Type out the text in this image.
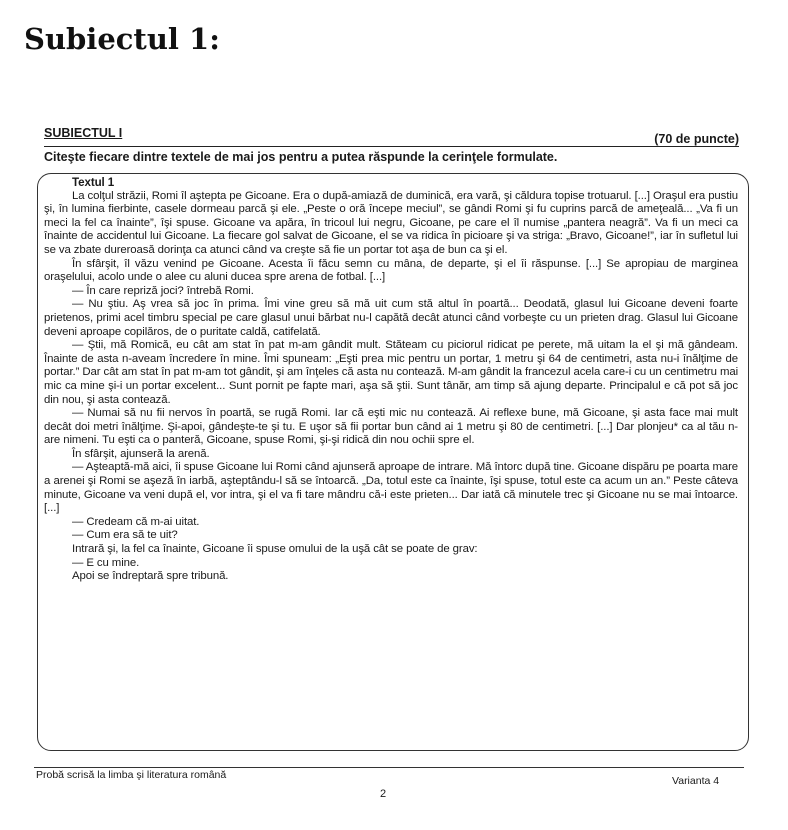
Subiectul 1:
SUBIECTUL I	(70 de puncte)
Citeşte fiecare dintre textele de mai jos pentru a putea răspunde la cerinţele formulate.
Textul 1

La colţul străzii, Romi îl aştepta pe Gicoane. Era o după-amiază de duminică, era vară, şi căldura topise trotuarul. [...] Oraşul era pustiu şi, în lumina fierbinte, casele dormeau parcă şi ele. „Peste o oră începe meciul”, se gândi Romi şi fu cuprins parcă de ameţeală... „Va fi un meci la fel ca înainte”, îşi spuse. Gicoane va apăra, în tricoul lui negru, Gicoane, pe care el îl numise „pantera neagră”. Va fi un meci ca înainte de accidentul lui Gicoane. La fiecare gol salvat de Gicoane, el se va ridica în picioare şi va striga: „Bravo, Gicoane!”, iar în sufletul lui se va zbate dureroasă dorinţa ca atunci când va creşte să fie un portar tot aşa de bun ca şi el.

În sfârşit, îl văzu venind pe Gicoane. Acesta îi făcu semn cu mâna, de departe, şi el îi răspunse. [...] Se apropiau de marginea oraşelului, acolo unde o alee cu aluni ducea spre arena de fotbal. [...]

— În care repriză joci? întrebă Romi.

— Nu ştiu. Aş vrea să joc în prima. Îmi vine greu să mă uit cum stă altul în poartă... Deodată, glasul lui Gicoane deveni foarte prietenos, primi acel timbru special pe care glasul unui bărbat nu-l capătă decât atunci când vorbeşte cu un prieten drag. Glasul lui Gicoane deveni aproape copilăros, de o puritate caldă, catifelată.

— Ştii, mă Romică, eu cât am stat în pat m-am gândit mult. Stăteam cu piciorul ridicat pe perete, mă uitam la el şi mă gândeam. Înainte de asta n-aveam încredere în mine. Îmi spuneam: „Eşti prea mic pentru un portar, 1 metru şi 64 de centimetri, asta nu-i înălţime de portar.” Dar cât am stat în pat m-am tot gândit, şi am înţeles că asta nu contează. M-am gândit la francezul acela care-i cu un centimetru mai mic ca mine şi-i un portar excelent... Sunt pornit pe fapte mari, aşa să ştii. Sunt tânăr, am timp să ajung departe. Principalul e că pot să joc din nou, şi asta contează.

— Numai să nu fii nervos în poartă, se rugă Romi. Iar că eşti mic nu contează. Ai reflexe bune, mă Gicoane, şi asta face mai mult decât doi metri înălţime. Şi-apoi, gândeşte-te şi tu. E uşor să fii portar bun când ai 1 metru şi 80 de centimetri. [...] Dar plonjeu* ca al tău n-are nimeni. Tu eşti ca o panteră, Gicoane, spuse Romi, şi-şi ridică din nou ochii spre el.

În sfârşit, ajunseră la arenă.

— Aşteaptă-mă aici, îi spuse Gicoane lui Romi când ajunseră aproape de intrare. Mă întorc după tine. Gicoane dispăru pe poarta mare a arenei şi Romi se aşeză în iarbă, aşteptându-l să se întoarcă. „Da, totul este ca înainte, îşi spuse, totul este ca acum un an.” Peste câteva minute, Gicoane va veni după el, vor intra, şi el va fi tare mândru că-i este prieten... Dar iată că minutele trec şi Gicoane nu se mai întoarce. [...]

— Credeam că m-ai uitat.

— Cum era să te uit?

Intrară şi, la fel ca înainte, Gicoane îi spuse omului de la uşă cât se poate de grav:

— E cu mine.

Apoi se îndreptară spre tribună.

Probă scrisă la limba şi literatura română	Varianta 4
2
